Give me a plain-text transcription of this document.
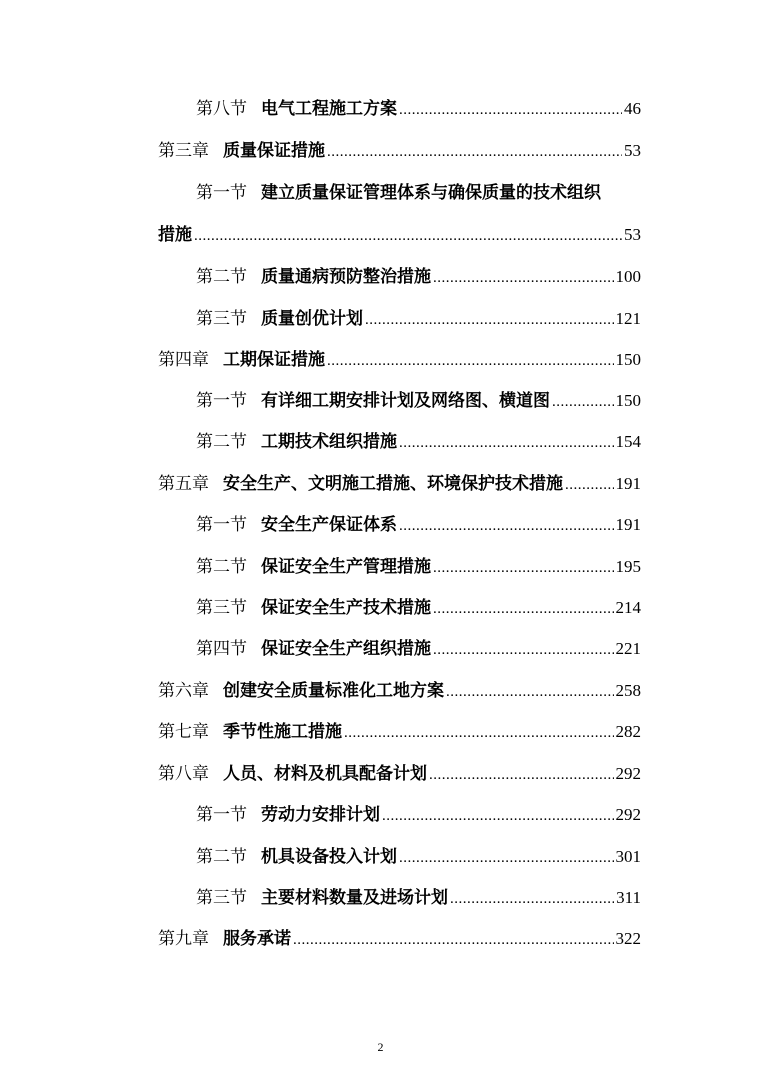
第八节 电气工程施工方案 .....	46
第三章 质量保证措施 .....	53
第一节 建立质量保证管理体系与确保质量的技术组织
措施 .....	53
第二节 质量通病预防整治措施 .....	100
第三节 质量创优计划 .....	121
第四章 工期保证措施 .....	150
第一节 有详细工期安排计划及网络图、横道图 .....	150
第二节 工期技术组织措施 .....	154
第五章 安全生产、文明施工措施、环境保护技术措施 .....	191
第一节 安全生产保证体系 .....	191
第二节 保证安全生产管理措施 .....	195
第三节 保证安全生产技术措施 .....	214
第四节 保证安全生产组织措施 .....	221
第六章 创建安全质量标准化工地方案 .....	258
第七章 季节性施工措施 .....	282
第八章 人员、材料及机具配备计划 .....	292
第一节 劳动力安排计划 .....	292
第二节 机具设备投入计划 .....	301
第三节 主要材料数量及进场计划 .....	311
第九章 服务承诺 .....	322
2
